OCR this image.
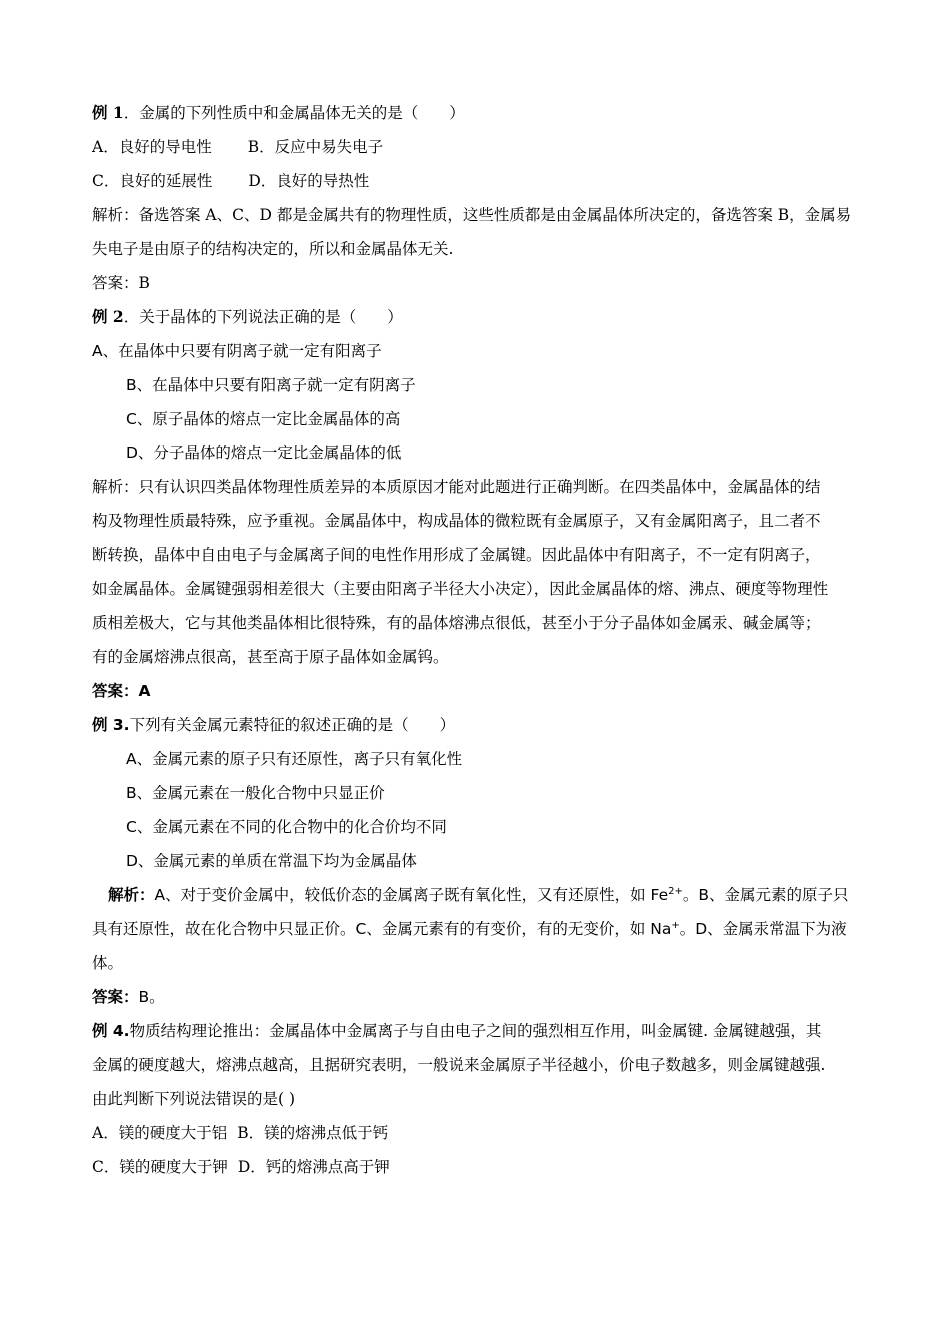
例 1．金属的下列性质中和金属晶体无关的是（　　）
A．良好的导电性 B．反应中易失电子
C．良好的延展性 D．良好的导热性
解析：备选答案 A、C、D 都是金属共有的物理性质，这些性质都是由金属晶体所决定的，备选答案 B，金属易
失电子是由原子的结构决定的，所以和金属晶体无关.
答案：B
例 2．关于晶体的下列说法正确的是（　　）
A、在晶体中只要有阴离子就一定有阳离子
B、在晶体中只要有阳离子就一定有阴离子
C、原子晶体的熔点一定比金属晶体的高
D、分子晶体的熔点一定比金属晶体的低
解析：只有认识四类晶体物理性质差异的本质原因才能对此题进行正确判断。在四类晶体中，金属晶体的结
构及物理性质最特殊，应予重视。金属晶体中，构成晶体的微粒既有金属原子，又有金属阳离子，且二者不
断转换，晶体中自由电子与金属离子间的电性作用形成了金属键。因此晶体中有阳离子，不一定有阴离子，
如金属晶体。金属键强弱相差很大（主要由阳离子半径大小决定），因此金属晶体的熔、沸点、硬度等物理性
质相差极大，它与其他类晶体相比很特殊，有的晶体熔沸点很低，甚至小于分子晶体如金属汞、碱金属等；
有的金属熔沸点很高，甚至高于原子晶体如金属钨。
答案：A
例 3.下列有关金属元素特征的叙述正确的是（　　）
A、金属元素的原子只有还原性，离子只有氧化性
B、金属元素在一般化合物中只显正价
C、金属元素在不同的化合物中的化合价均不同
D、金属元素的单质在常温下均为金属晶体
解析：A、对于变价金属中，较低价态的金属离子既有氧化性，又有还原性，如 $Fe^{2+}$。B、金属元素的原子只
具有还原性，故在化合物中只显正价。C、金属元素有的有变价，有的无变价，如 Na+。D、金属汞常温下为液
体。
答案：B。
例 4.物质结构理论推出：金属晶体中金属离子与自由电子之间的强烈相互作用，叫金属键. 金属键越强，其
金属的硬度越大，熔沸点越高，且据研究表明，一般说来金属原子半径越小，价电子数越多，则金属键越强.
由此判断下列说法错误的是( )
A．镁的硬度大于铝 B．镁的熔沸点低于钙
C．镁的硬度大于钾 D．钙的熔沸点高于钾
